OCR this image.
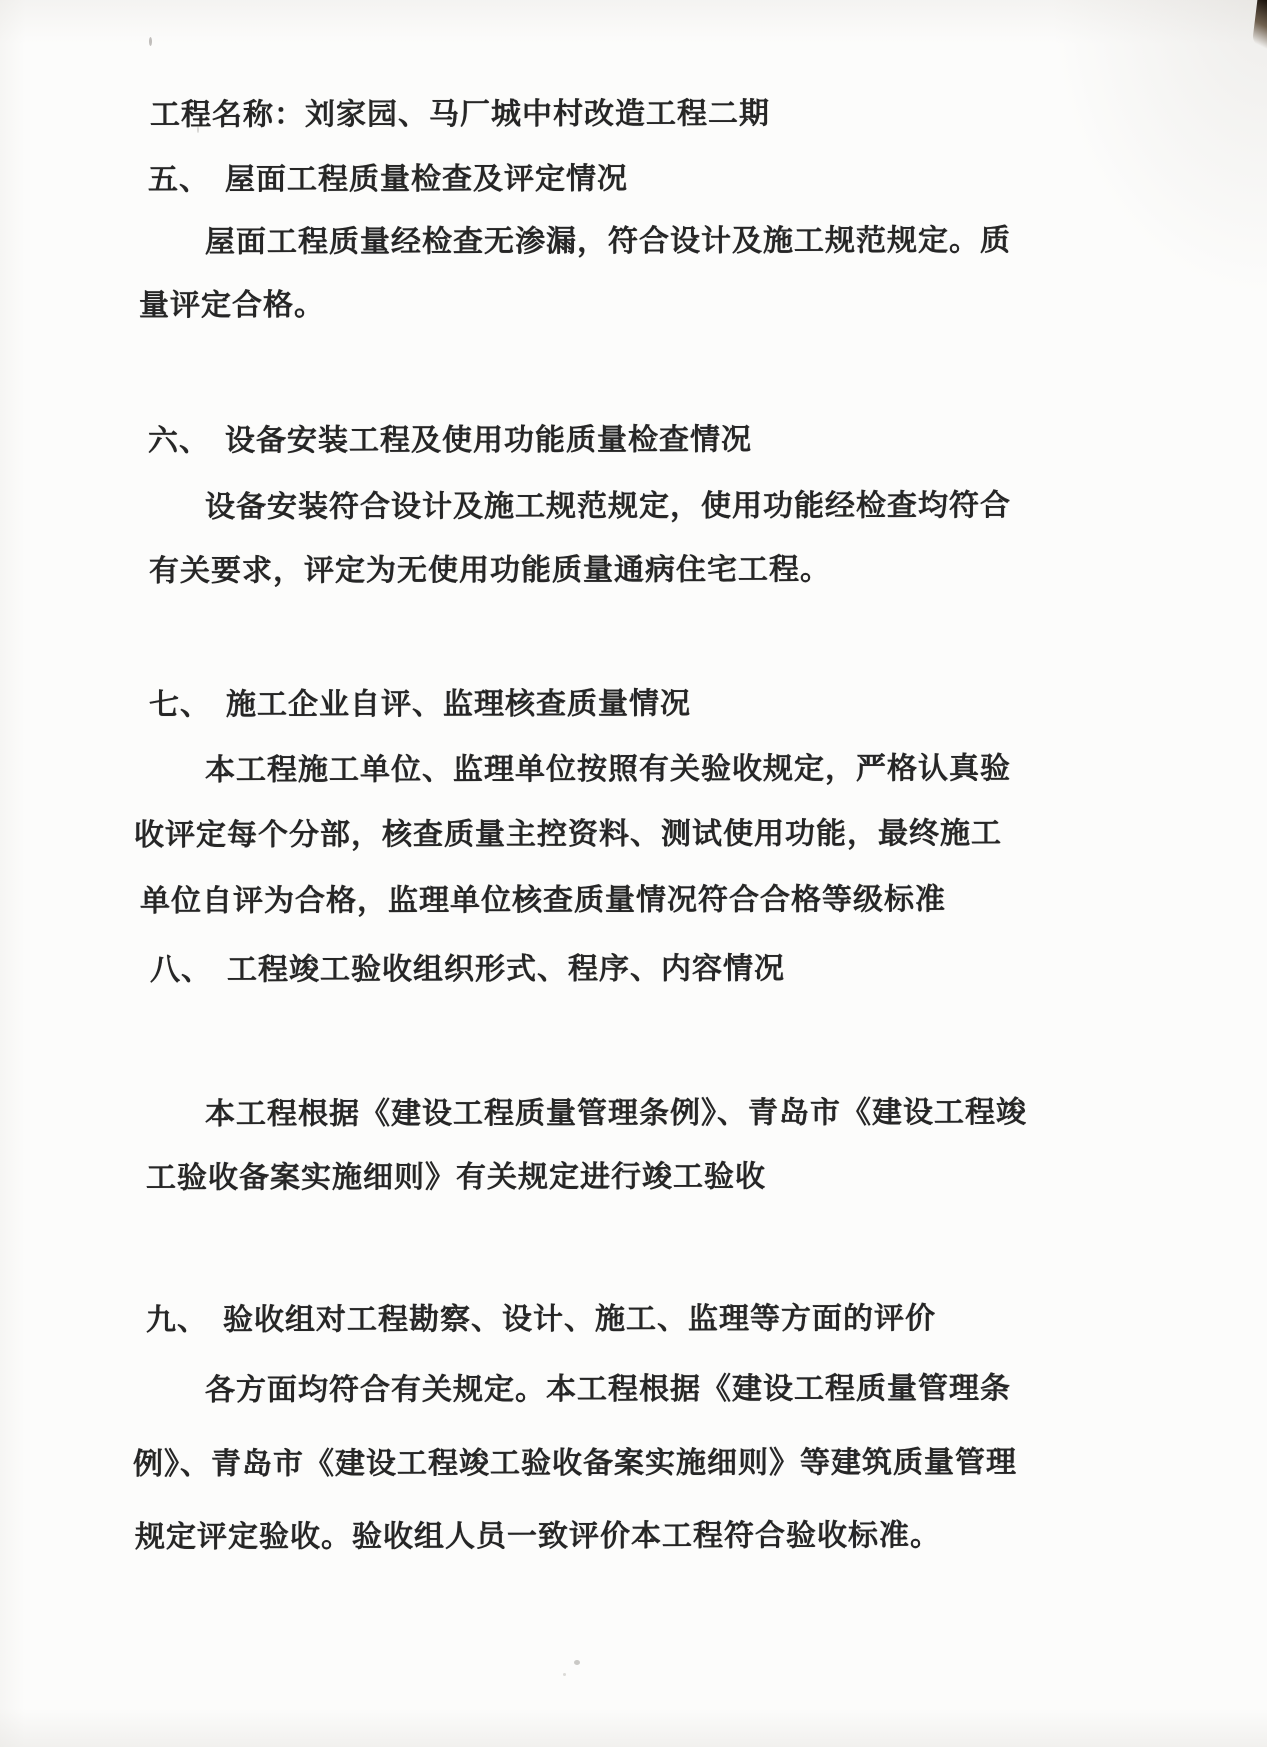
工程名称：刘家园、马厂城中村改造工程二期
五、 屋面工程质量检查及评定情况
屋面工程质量经检查无渗漏，符合设计及施工规范规定。质
量评定合格。
六、 设备安装工程及使用功能质量检查情况
设备安装符合设计及施工规范规定，使用功能经检查均符合
有关要求，评定为无使用功能质量通病住宅工程。
七、 施工企业自评、监理核查质量情况
本工程施工单位、监理单位按照有关验收规定，严格认真验
收评定每个分部，核查质量主控资料、测试使用功能，最终施工
单位自评为合格，监理单位核查质量情况符合合格等级标准
八、 工程竣工验收组织形式、程序、内容情况
本工程根据《建设工程质量管理条例》、青岛市《建设工程竣
工验收备案实施细则》有关规定进行竣工验收
九、 验收组对工程勘察、设计、施工、监理等方面的评价
各方面均符合有关规定。本工程根据《建设工程质量管理条
例》、青岛市《建设工程竣工验收备案实施细则》等建筑质量管理
规定评定验收。验收组人员一致评价本工程符合验收标准。
